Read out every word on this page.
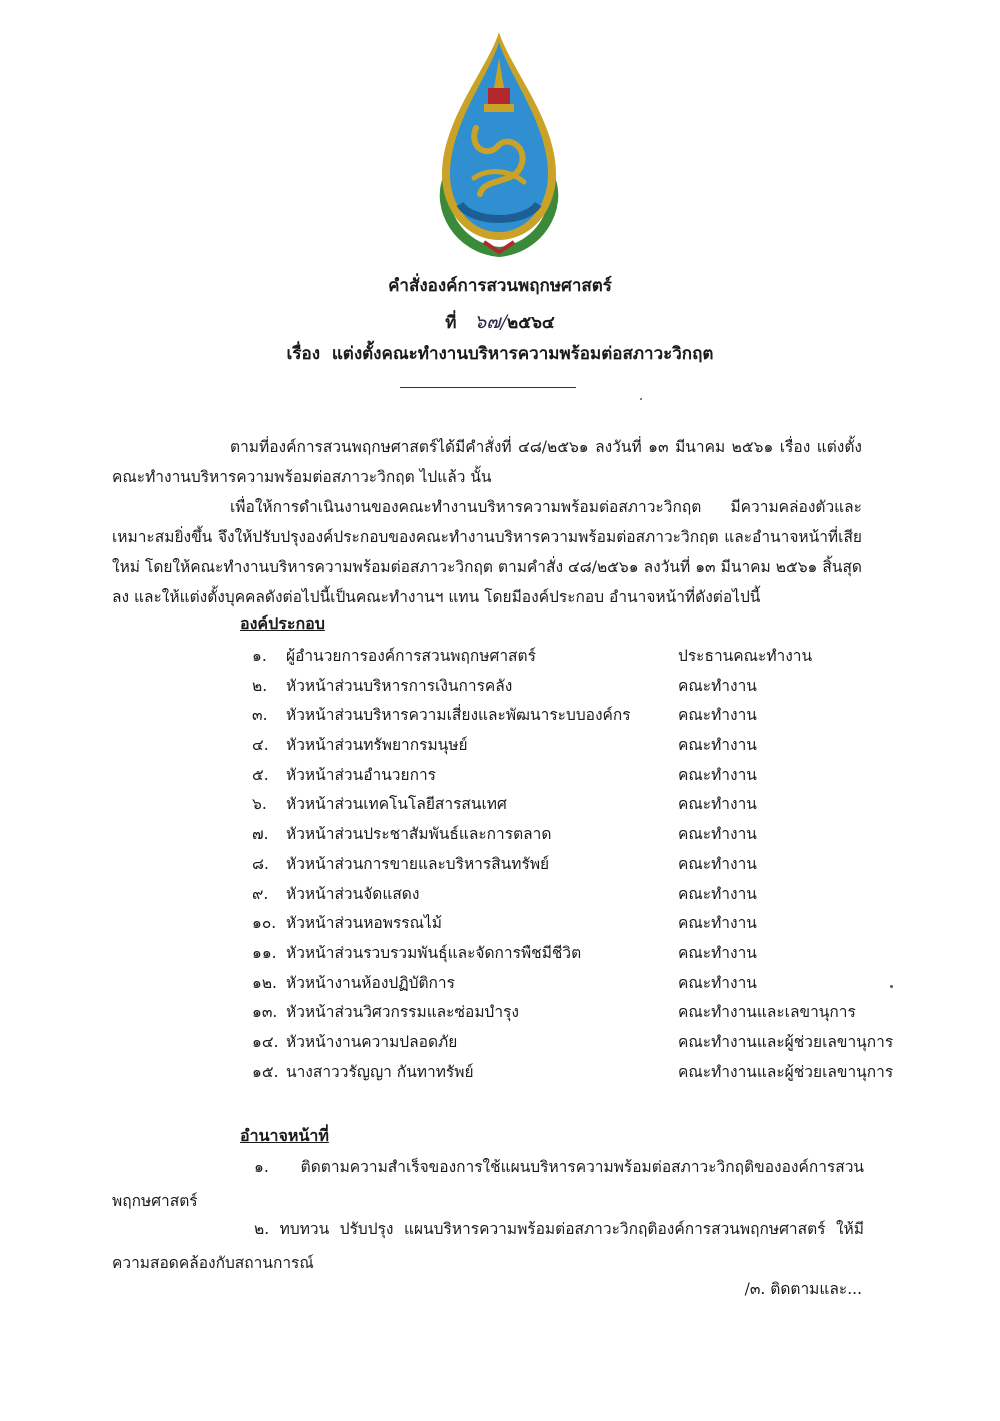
คำสั่งองค์การสวนพฤกษศาสตร์
ที่ ๖๗/๒๕๖๔
เรื่อง แต่งตั้งคณะทำงานบริหารความพร้อมต่อสภาวะวิกฤต
ตามที่องค์การสวนพฤกษศาสตร์ได้มีคำสั่งที่ ๔๘/๒๕๖๑ ลงวันที่ ๑๓ มีนาคม ๒๕๖๑ เรื่อง แต่งตั้งคณะทำงานบริหารความพร้อมต่อสภาวะวิกฤต ไปแล้ว นั้น
เพื่อให้การดำเนินงานของคณะทำงานบริหารความพร้อมต่อสภาวะวิกฤต มีความคล่องตัวและเหมาะสมยิ่งขึ้น จึงให้ปรับปรุงองค์ประกอบของคณะทำงานบริหารความพร้อมต่อสภาวะวิกฤต และอำนาจหน้าที่เสียใหม่ โดยให้คณะทำงานบริหารความพร้อมต่อสภาวะวิกฤต ตามคำสั่ง ๔๘/๒๕๖๑ ลงวันที่ ๑๓ มีนาคม ๒๕๖๑ สิ้นสุดลง และให้แต่งตั้งบุคคลดังต่อไปนี้เป็นคณะทำงานฯ แทน โดยมีองค์ประกอบ อำนาจหน้าที่ดังต่อไปนี้
องค์ประกอบ
๑. ผู้อำนวยการองค์การสวนพฤกษศาสตร์	ประธานคณะทำงาน
๒. หัวหน้าส่วนบริหารการเงินการคลัง	คณะทำงาน
๓. หัวหน้าส่วนบริหารความเสี่ยงและพัฒนาระบบองค์กร	คณะทำงาน
๔. หัวหน้าส่วนทรัพยากรมนุษย์	คณะทำงาน
๕. หัวหน้าส่วนอำนวยการ	คณะทำงาน
๖. หัวหน้าส่วนเทคโนโลยีสารสนเทศ	คณะทำงาน
๗. หัวหน้าส่วนประชาสัมพันธ์และการตลาด	คณะทำงาน
๘. หัวหน้าส่วนการขายและบริหารสินทรัพย์	คณะทำงาน
๙. หัวหน้าส่วนจัดแสดง	คณะทำงาน
๑๐. หัวหน้าส่วนหอพรรณไม้	คณะทำงาน
๑๑. หัวหน้าส่วนรวบรวมพันธุ์และจัดการพืชมีชีวิต	คณะทำงาน
๑๒. หัวหน้างานห้องปฏิบัติการ	คณะทำงาน
๑๓. หัวหน้าส่วนวิศวกรรมและซ่อมบำรุง	คณะทำงานและเลขานุการ
๑๔. หัวหน้างานความปลอดภัย	คณะทำงานและผู้ช่วยเลขานุการ
๑๕. นางสาววรัญญา กันทาทรัพย์	คณะทำงานและผู้ช่วยเลขานุการ
อำนาจหน้าที่
๑. ติดตามความสำเร็จของการใช้แผนบริหารความพร้อมต่อสภาวะวิกฤติขององค์การสวนพฤกษศาสตร์
๒. ทบทวน ปรับปรุง แผนบริหารความพร้อมต่อสภาวะวิกฤติองค์การสวนพฤกษศาสตร์ ให้มีความสอดคล้องกับสถานการณ์
/๓. ติดตามและ...
